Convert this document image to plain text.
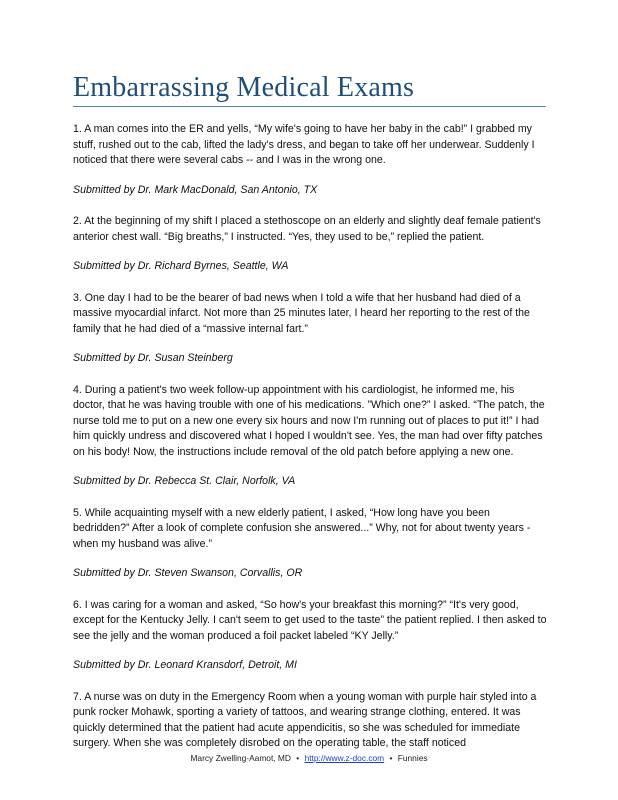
Embarrassing Medical Exams

1. A man comes into the ER and yells, “My wife's going to have her baby in the cab!” I grabbed my stuff, rushed out to the cab, lifted the lady's dress, and began to take off her underwear. Suddenly I noticed that there were several cabs -- and I was in the wrong one.

Submitted by Dr. Mark MacDonald, San Antonio, TX

2. At the beginning of my shift I placed a stethoscope on an elderly and slightly deaf female patient's anterior chest wall. “Big breaths,” I instructed. “Yes, they used to be,” replied the patient.

Submitted by Dr. Richard Byrnes, Seattle, WA

3. One day I had to be the bearer of bad news when I told a wife that her husband had died of a massive myocardial infarct. Not more than 25 minutes later, I heard her reporting to the rest of the family that he had died of a “massive internal fart.”

Submitted by Dr. Susan Steinberg

4. During a patient's two week follow-up appointment with his cardiologist, he informed me, his doctor, that he was having trouble with one of his medications. ”Which one?” I asked. “The patch, the nurse told me to put on a new one every six hours and now I'm running out of places to put it!” I had him quickly undress and discovered what I hoped I wouldn't see. Yes, the man had over fifty patches on his body! Now, the instructions include removal of the old patch before applying a new one.

Submitted by Dr. Rebecca St. Clair, Norfolk, VA

5. While acquainting myself with a new elderly patient, I asked, “How long have you been bedridden?” After a look of complete confusion she answered...” Why, not for about twenty years - when my husband was alive.”

Submitted by Dr. Steven Swanson, Corvallis, OR

6. I was caring for a woman and asked, “So how's your breakfast this morning?” “It's very good, except for the Kentucky Jelly. I can't seem to get used to the taste” the patient replied. I then asked to see the jelly and the woman produced a foil packet labeled “KY Jelly.”

Submitted by Dr. Leonard Kransdorf, Detroit, MI

7. A nurse was on duty in the Emergency Room when a young woman with purple hair styled into a punk rocker Mohawk, sporting a variety of tattoos, and wearing strange clothing, entered. It was quickly determined that the patient had acute appendicitis, so she was scheduled for immediate surgery. When she was completely disrobed on the operating table, the staff noticed

Marcy Zwelling-Aamot, MD • http://www.z-doc.com • Funnies
